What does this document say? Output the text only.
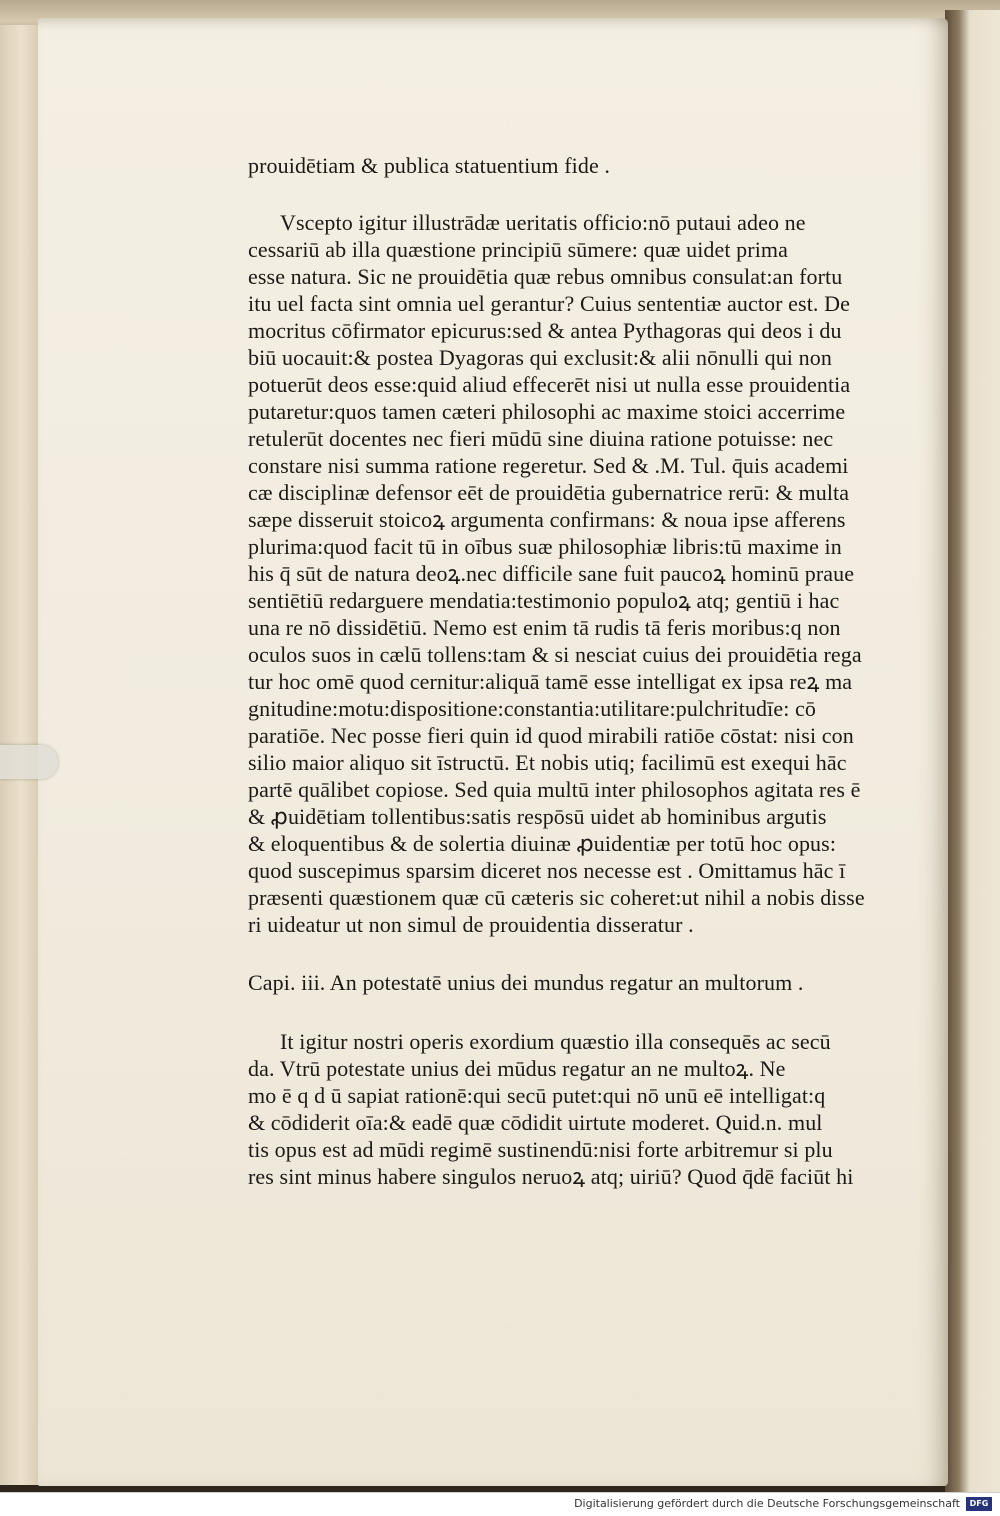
prouidētiam & publica statuentium fide .
Vsceptо igitur illustrādæ ueritatis officio:nō putaui adeo ne
cessariū ab illa quæstione principiū sūmere: quæ uidet prima
esse natura. Sic ne prouidētia quæ rebus omnibus consulat:an fortu
itu uel facta sint omnia uel gerantur? Cuius sententiæ auctor est. De
mocritus cōfirmator epicurus:sed & antea Pythagoras qui deos i du
biū uocauit:& postea Dyagoras qui exclusit:& alii nōnulli qui non
potuerūt deos esse:quid aliud effecerēt nisi ut nulla esse prouidentia
putaretur:quos tamen cæteri philosophi ac maxime stoici accerrime
retulerūt docentes nec fieri mūdū sine diuina ratione potuisse: nec
constare nisi summa ratione regeretur. Sed & .M. Tul. q̄uis academi
cæ disciplinæ defensor eēt de prouidētia gubernatrice rerū: & multa
sæpe disseruit stoicoꝝ argumenta confirmans: & noua ipse afferens
plurima:quod facit tū in oībus suæ philosophiæ libris:tū maxime in
his q̄ sūt de natura deoꝝ.nec difficile sane fuit paucoꝝ hominū praue
sentiētiū redarguere mendatia:testimonio populoꝝ atq; gentiū i hac
una re nō dissidētiū. Nemo est enim tā rudis tā feris moribus:q non
oculos suos in cælū tollens:tam & si nesciat cuius dei prouidētia rega
tur hoc omē quod cernitur:aliquā tamē esse intelligat ex ipsa reꝝ ma
gnitudine:motu:dispositione:constantia:utilitare:pulchritudīe: cō
paratiōe. Nec posse fieri quin id quod mirabili ratiōe cōstat: nisi con
silio maior aliquo sit īstructū. Et nobis utiq; facilimū est exequi hāc
partē quālibet copiose. Sed quia multū inter philosophos agitata res ē
& ꝓuidētiam tollentibus:satis respōsū uidet ab hominibus argutis
& eloquentibus & de solertia diuinæ ꝓuidentiæ per totū hoc opus:
quod suscepimus sparsim diceret nos necesse est . Omittamus hāc ī
præsenti quæstionem quæ cū cæteris sic coheret:ut nihil a nobis disse
ri uideatur ut non simul de prouidentia disseratur .
Capi. iii. An potestatē unius dei mundus regatur an multorum .
It igitur nostri operis exordium quæstio illa consequēs ac secū
da. Vtrū potestate unius dei mūdus regatur an ne multoꝝ. Ne
mo ē q d ū sapiat rationē:qui secū putet:qui nō unū eē intelligat:q
& cōdiderit oīa:& eadē quæ cōdidit uirtute moderet. Quid.n. mul
tis opus est ad mūdi regimē sustinendū:nisi forte arbitremur si plu
res sint minus habere singulos neruoꝝ atq; uiriū? Quod q̄dē faciūt hi
Digitalisierung gefördert durch die Deutsche Forschungsgemeinschaft	DFG
